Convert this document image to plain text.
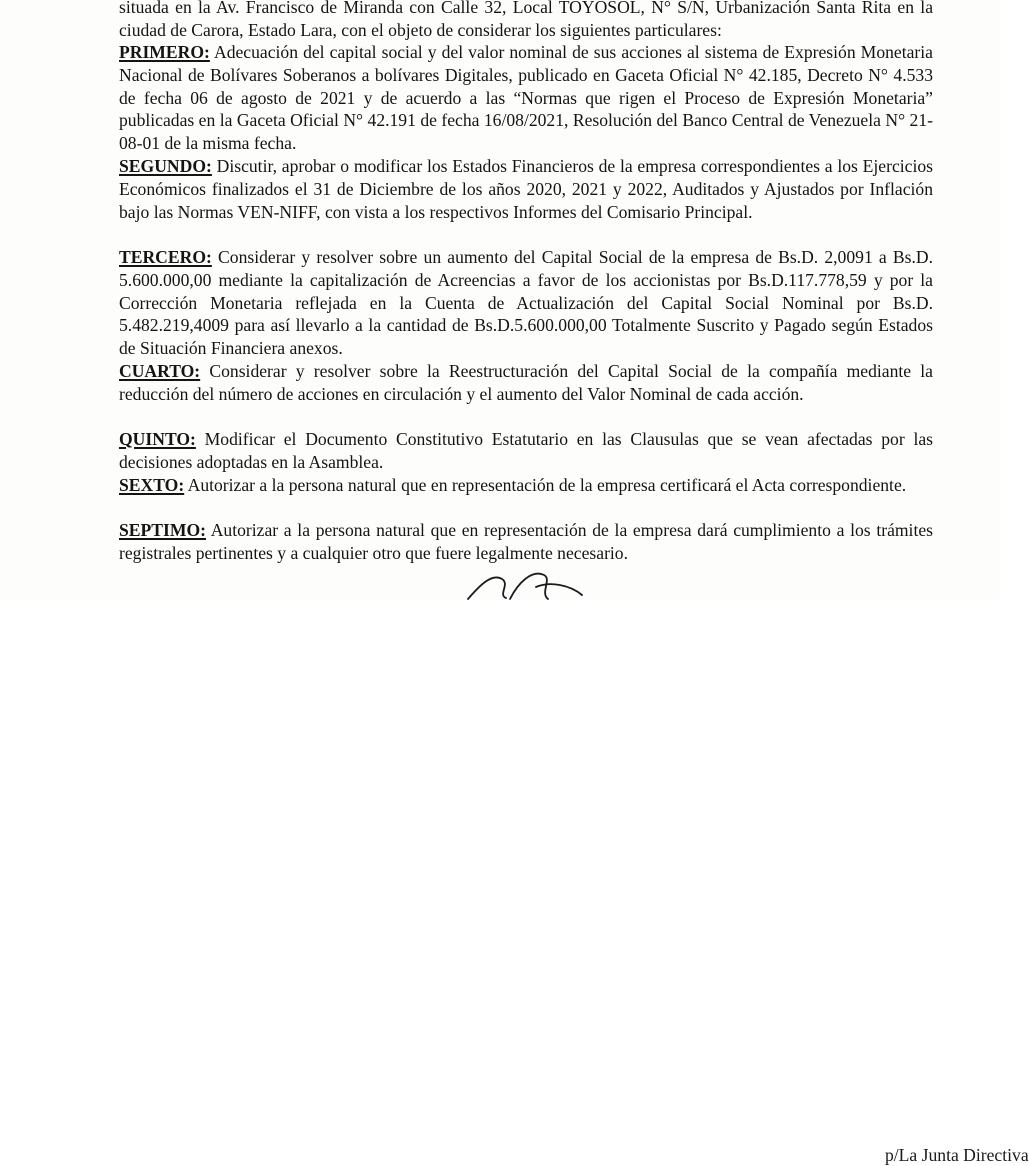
situada en la Av. Francisco de Miranda con Calle 32, Local TOYOSOL, N° S/N, Urbanización Santa Rita en la ciudad de Carora, Estado Lara, con el objeto de considerar los siguientes particulares:

PRIMERO: Adecuación del capital social y del valor nominal de sus acciones al sistema de Expresión Monetaria Nacional de Bolívares Soberanos a bolívares Digitales, publicado en Gaceta Oficial N° 42.185, Decreto N° 4.533 de fecha 06 de agosto de 2021 y de acuerdo a las “Normas que rigen el Proceso de Expresión Monetaria” publicadas en la Gaceta Oficial N° 42.191 de fecha 16/08/2021, Resolución del Banco Central de Venezuela N° 21-08-01 de la misma fecha.

SEGUNDO: Discutir, aprobar o modificar los Estados Financieros de la empresa correspondientes a los Ejercicios Económicos finalizados el 31 de Diciembre de los años 2020, 2021 y 2022, Auditados y Ajustados por Inflación bajo las Normas VEN-NIFF, con vista a los respectivos Informes del Comisario Principal.

TERCERO: Considerar y resolver sobre un aumento del Capital Social de la empresa de Bs.D. 2,0091 a Bs.D. 5.600.000,00 mediante la capitalización de Acreencias a favor de los accionistas por Bs.D.117.778,59 y por la Corrección Monetaria reflejada en la Cuenta de Actualización del Capital Social Nominal por Bs.D. 5.482.219,4009 para así llevarlo a la cantidad de Bs.D.5.600.000,00 Totalmente Suscrito y Pagado según Estados de Situación Financiera anexos.

CUARTO: Considerar y resolver sobre la Reestructuración del Capital Social de la compañía mediante la reducción del número de acciones en circulación y el aumento del Valor Nominal de cada acción.

QUINTO: Modificar el Documento Constitutivo Estatutario en las Clausulas que se vean afectadas por las decisiones adoptadas en la Asamblea.

SEXTO: Autorizar a la persona natural que en representación de la empresa certificará el Acta correspondiente.

SEPTIMO: Autorizar a la persona natural que en representación de la empresa dará cumplimiento a los trámites registrales pertinentes y a cualquier otro que fuere legalmente necesario.

p/La Junta Directiva
